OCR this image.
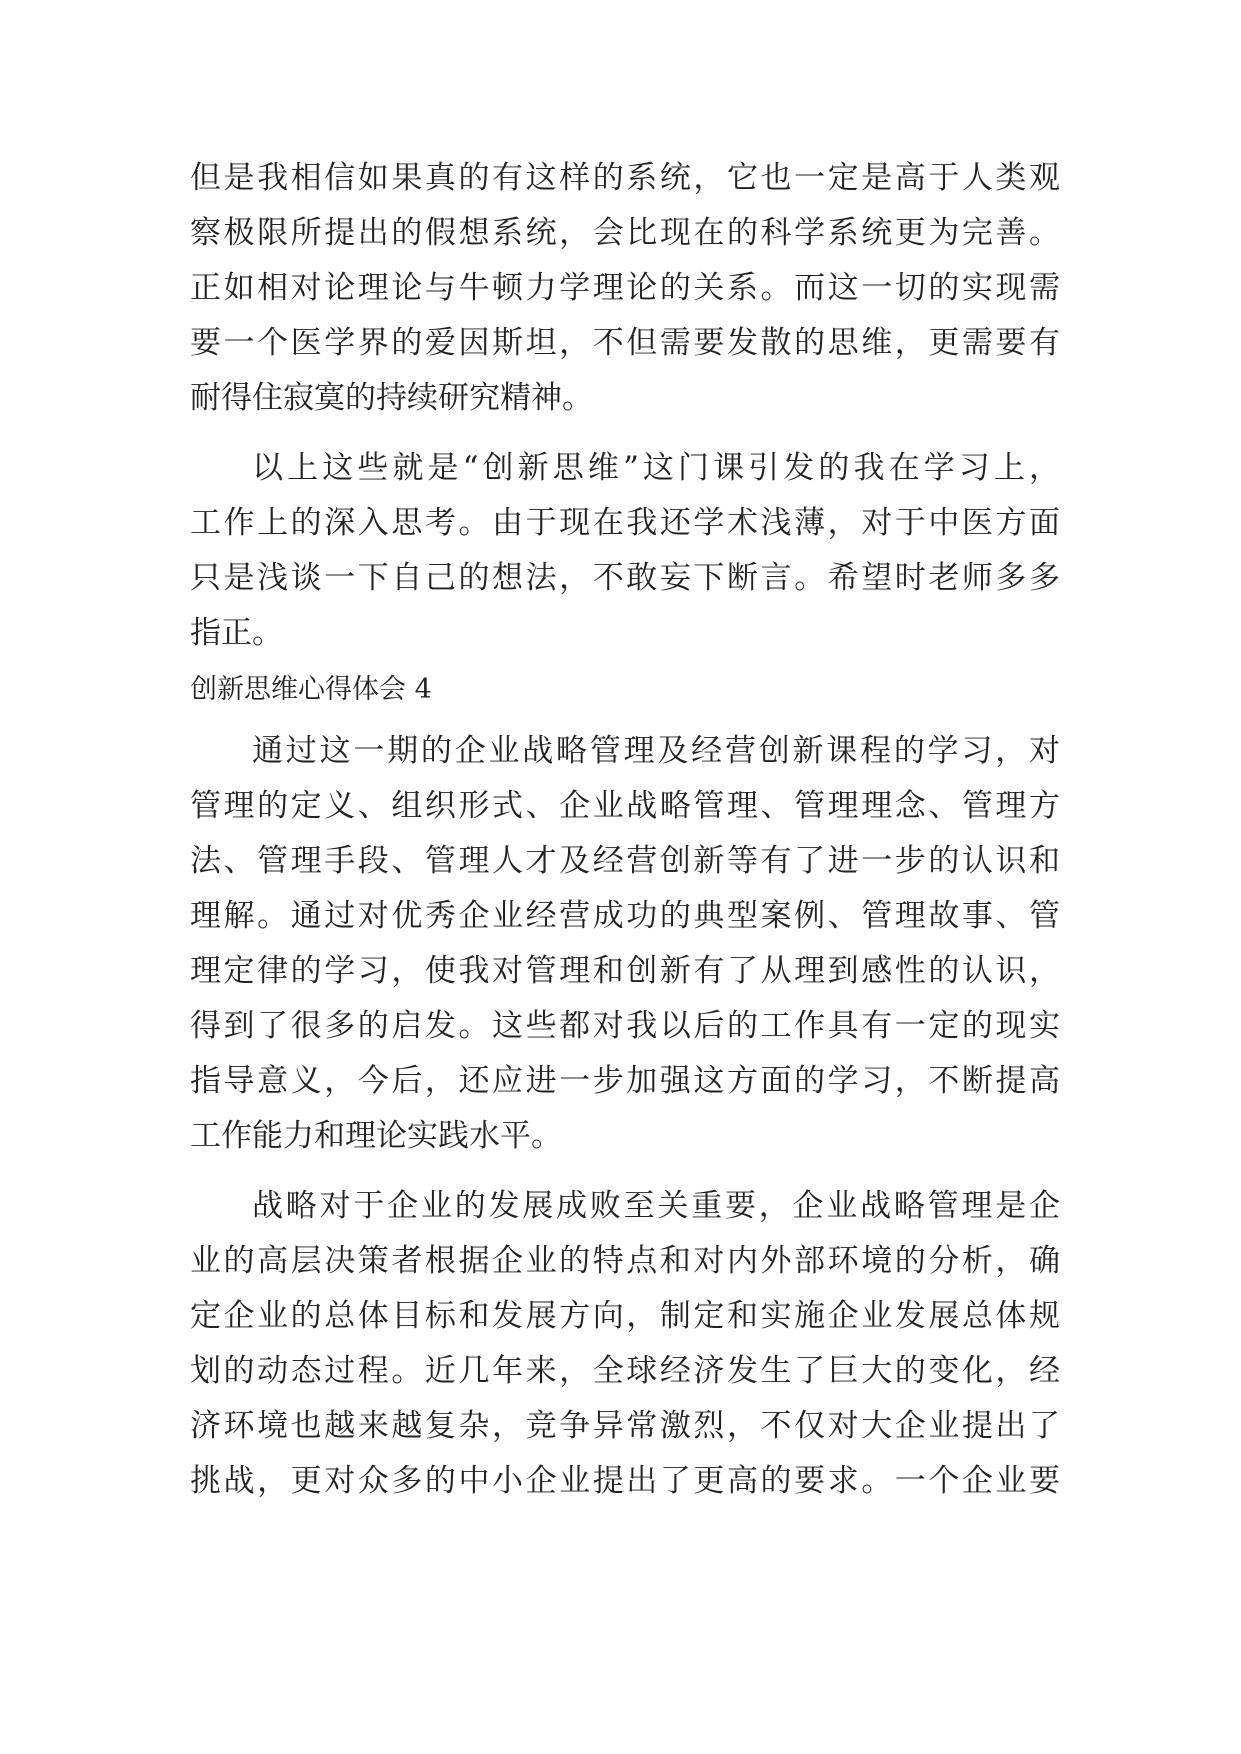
但是我相信如果真的有这样的系统，它也一定是高于人类观
察极限所提出的假想系统，会比现在的科学系统更为完善。
正如相对论理论与牛顿力学理论的关系。而这一切的实现需
要一个医学界的爱因斯坦，不但需要发散的思维，更需要有
耐得住寂寞的持续研究精神。
以上这些就是“创新思维”这门课引发的我在学习上，
工作上的深入思考。由于现在我还学术浅薄，对于中医方面
只是浅谈一下自己的想法，不敢妄下断言。希望时老师多多
指正。
创新思维心得体会 4
通过这一期的企业战略管理及经营创新课程的学习，对
管理的定义、组织形式、企业战略管理、管理理念、管理方
法、管理手段、管理人才及经营创新等有了进一步的认识和
理解。通过对优秀企业经营成功的典型案例、管理故事、管
理定律的学习，使我对管理和创新有了从理到感性的认识，
得到了很多的启发。这些都对我以后的工作具有一定的现实
指导意义，今后，还应进一步加强这方面的学习，不断提高
工作能力和理论实践水平。
战略对于企业的发展成败至关重要，企业战略管理是企
业的高层决策者根据企业的特点和对内外部环境的分析，确
定企业的总体目标和发展方向，制定和实施企业发展总体规
划的动态过程。近几年来，全球经济发生了巨大的变化，经
济环境也越来越复杂，竞争异常激烈，不仅对大企业提出了
挑战，更对众多的中小企业提出了更高的要求。一个企业要
